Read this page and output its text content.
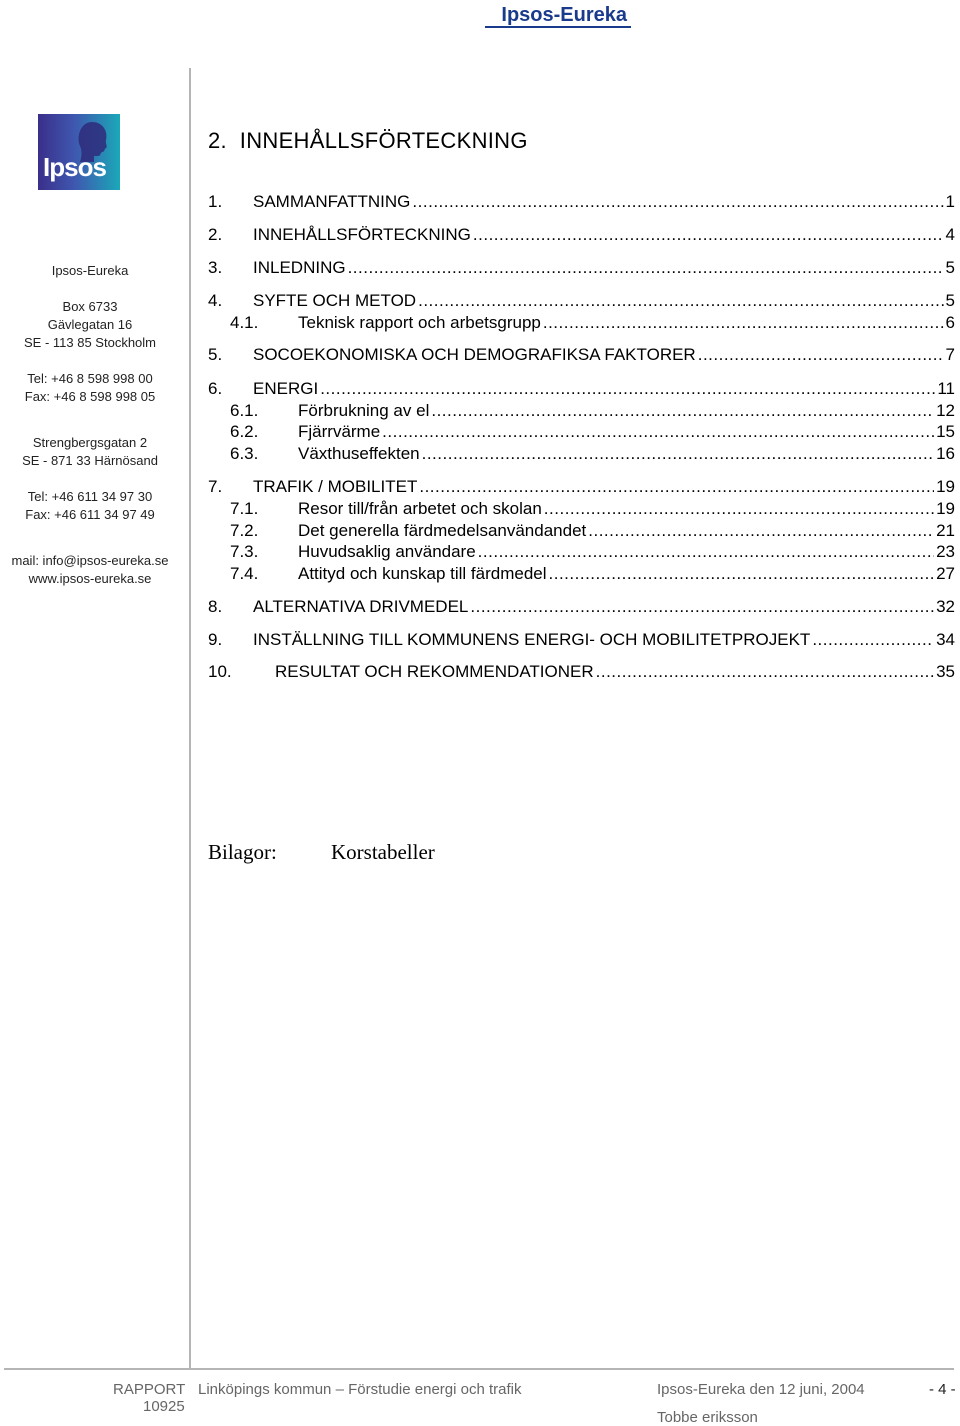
Ipsos-Eureka
Ipsos
Ipsos-Eureka
Box 6733
Gävlegatan 16
SE - 113 85 Stockholm
Tel: +46 8 598 998 00
Fax: +46 8 598 998 05
Strengbergsgatan 2
SE - 871 33 Härnösand
Tel: +46 611 34 97 30
Fax: +46 611 34 97 49
mail: info@ipsos-eureka.se
www.ipsos-eureka.se
2. INNEHÅLLSFÖRTECKNING
1.	SAMMANFATTNING .....	1
2.	INNEHÅLLSFÖRTECKNING .....	4
3.	INLEDNING .....	5
4.	SYFTE OCH METOD .....	5
4.1.	Teknisk rapport och arbetsgrupp .....	6
5.	SOCOEKONOMISKA OCH DEMOGRAFIKSA FAKTORER .....	7
6.	ENERGI .....	11
6.1.	Förbrukning av el .....	12
6.2.	Fjärrvärme .....	15
6.3.	Växthuseffekten .....	16
7.	TRAFIK / MOBILITET .....	19
7.1.	Resor till/från arbetet och skolan .....	19
7.2.	Det generella färdmedelsanvändandet .....	21
7.3.	Huvudsaklig användare .....	23
7.4.	Attityd och kunskap till färdmedel .....	27
8.	ALTERNATIVA DRIVMEDEL .....	32
9.	INSTÄLLNING TILL KOMMUNENS ENERGI- OCH MOBILITETPROJEKT .....	34
10.	RESULTAT OCH REKOMMENDATIONER .....	35
Bilagor:	Korstabeller
RAPPORT
10925
Linköpings kommun – Förstudie energi och trafik	Ipsos-Eureka den 12 juni, 2004
Tobbe eriksson
- 4 -
